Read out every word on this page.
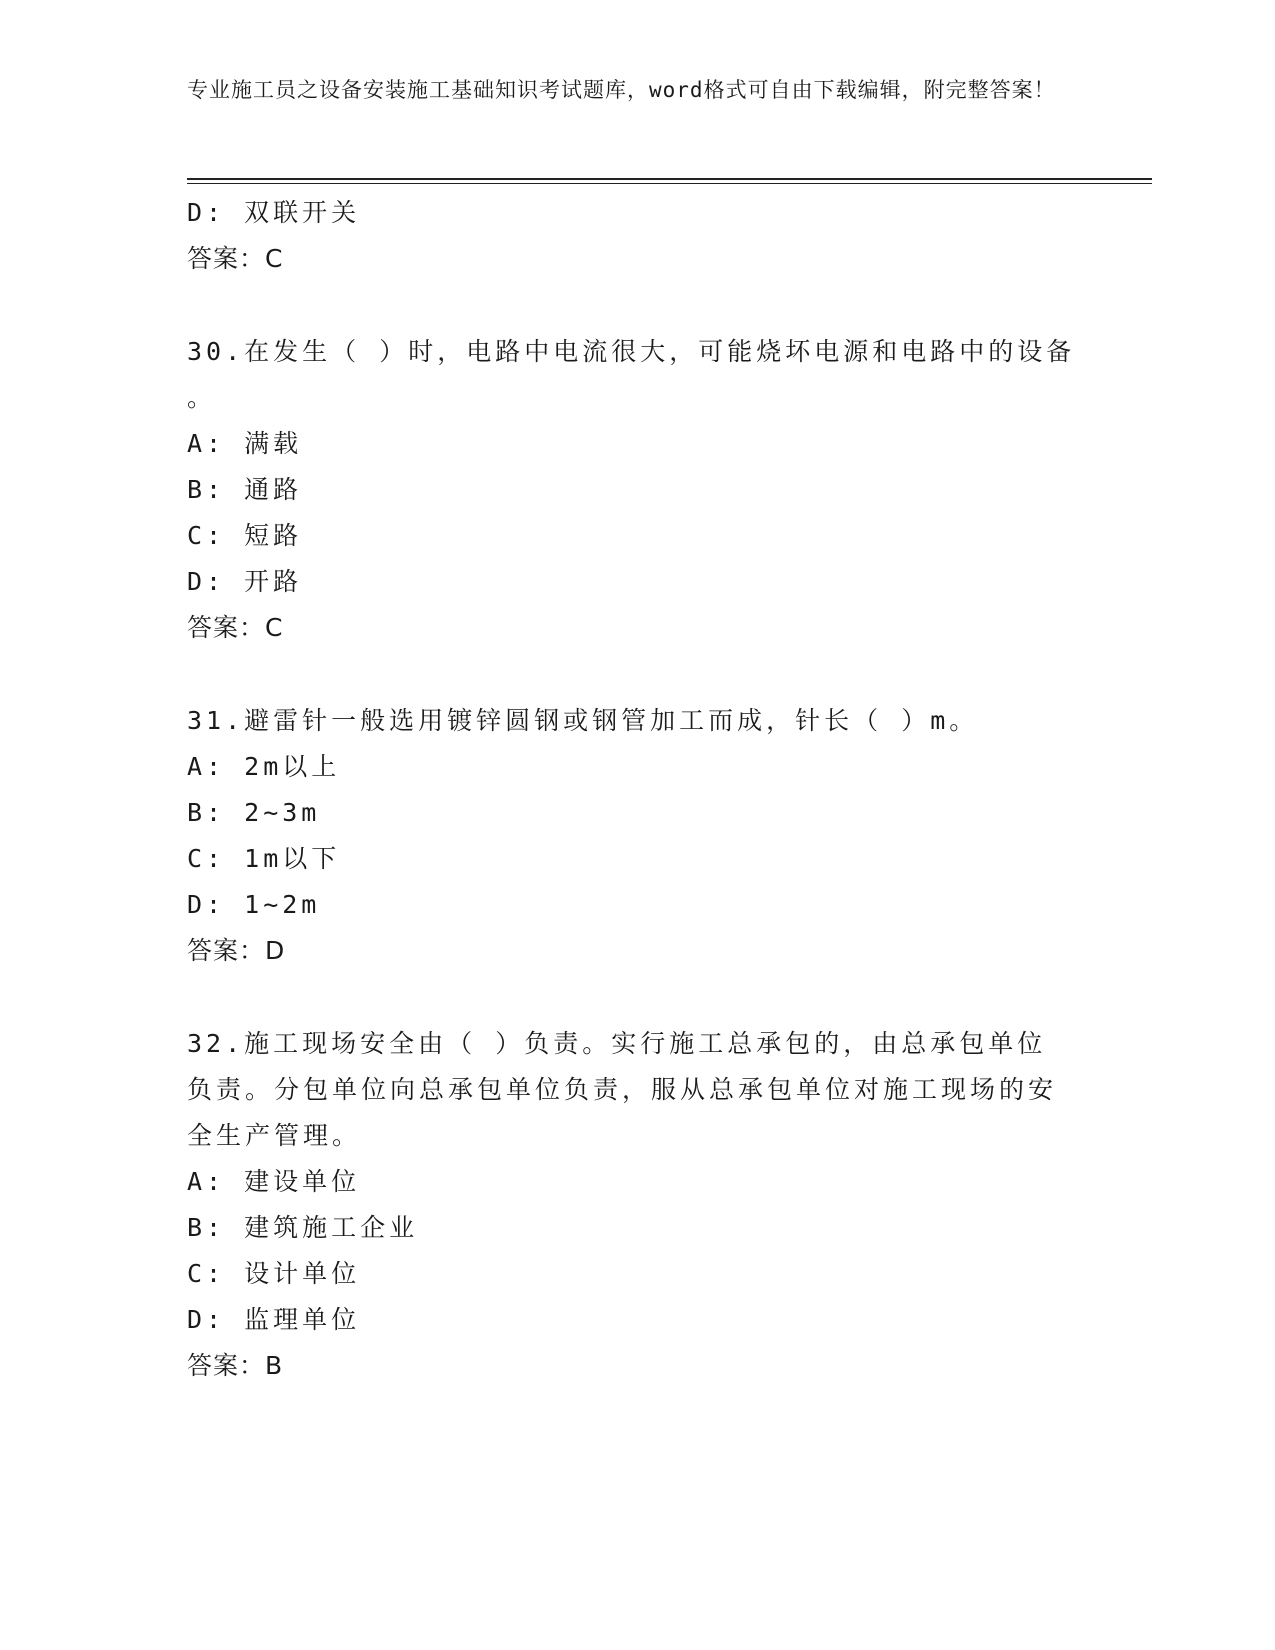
专业施工员之设备安装施工基础知识考试题库，word格式可自由下载编辑，附完整答案！
D: 双联开关
答案：C
30.在发生（ ）时，电路中电流很大，可能烧坏电源和电路中的设备
。
A: 满载
B: 通路
C: 短路
D: 开路
答案：C
31.避雷针一般选用镀锌圆钢或钢管加工而成，针长（ ）m。
A: 2m以上
B: 2~3m
C: 1m以下
D: 1~2m
答案：D
32.施工现场安全由（ ）负责。实行施工总承包的，由总承包单位负责。分包单位向总承包单位负责，服从总承包单位对施工现场的安全生产管理。
A: 建设单位
B: 建筑施工企业
C: 设计单位
D: 监理单位
答案：B
